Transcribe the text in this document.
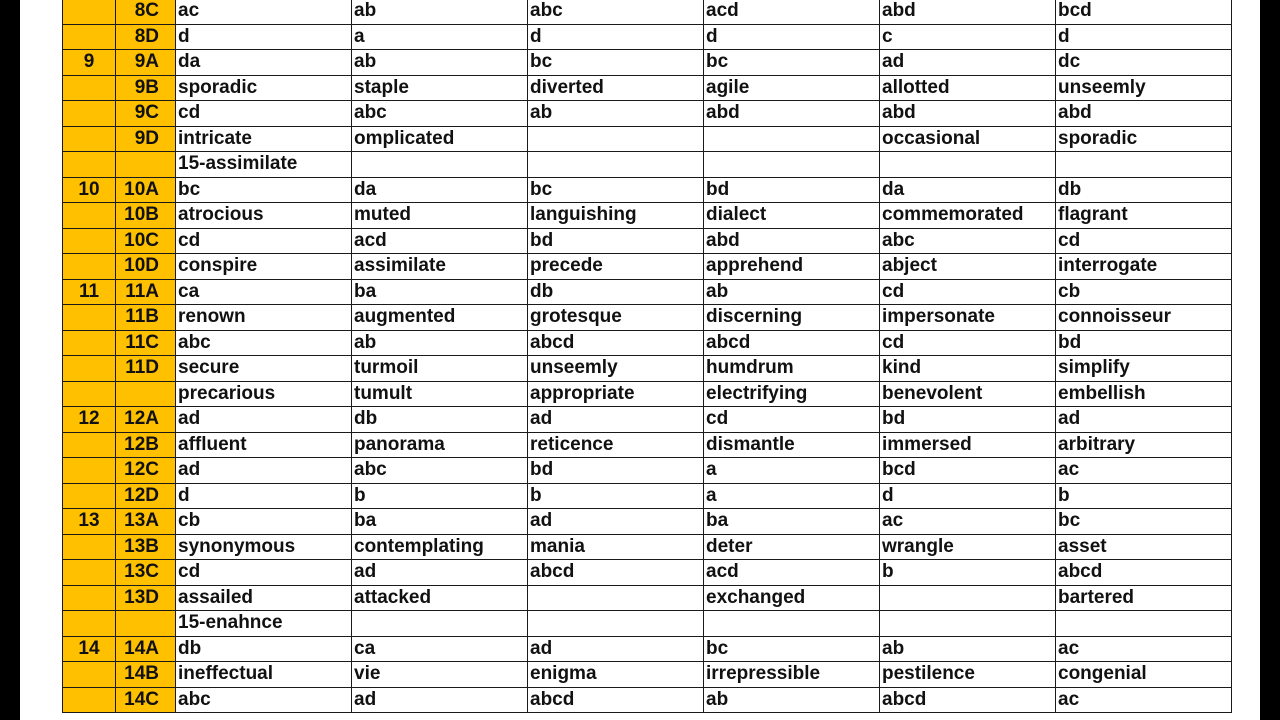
	8C	ac	ab	abc	acd	abd	bcd
	8D	d	a	d	d	c	d
9	9A	da	ab	bc	bc	ad	dc
	9B	sporadic	staple	diverted	agile	allotted	unseemly
	9C	cd	abc	ab	abd	abd	abd
	9D	intricate	omplicated			occasional	sporadic
		15-assimilate					
10	10A	bc	da	bc	bd	da	db
	10B	atrocious	muted	languishing	dialect	commemorated	flagrant
	10C	cd	acd	bd	abd	abc	cd
	10D	conspire	assimilate	precede	apprehend	abject	interrogate
11	11A	ca	ba	db	ab	cd	cb
	11B	renown	augmented	grotesque	discerning	impersonate	connoisseur
	11C	abc	ab	abcd	abcd	cd	bd
	11D	secure	turmoil	unseemly	humdrum	kind	simplify
		precarious	tumult	appropriate	electrifying	benevolent	embellish
12	12A	ad	db	ad	cd	bd	ad
	12B	affluent	panorama	reticence	dismantle	immersed	arbitrary
	12C	ad	abc	bd	a	bcd	ac
	12D	d	b	b	a	d	b
13	13A	cb	ba	ad	ba	ac	bc
	13B	synonymous	contemplating	mania	deter	wrangle	asset
	13C	cd	ad	abcd	acd	b	abcd
	13D	assailed	attacked		exchanged		bartered
		15-enahnce					
14	14A	db	ca	ad	bc	ab	ac
	14B	ineffectual	vie	enigma	irrepressible	pestilence	congenial
	14C	abc	ad	abcd	ab	abcd	ac
